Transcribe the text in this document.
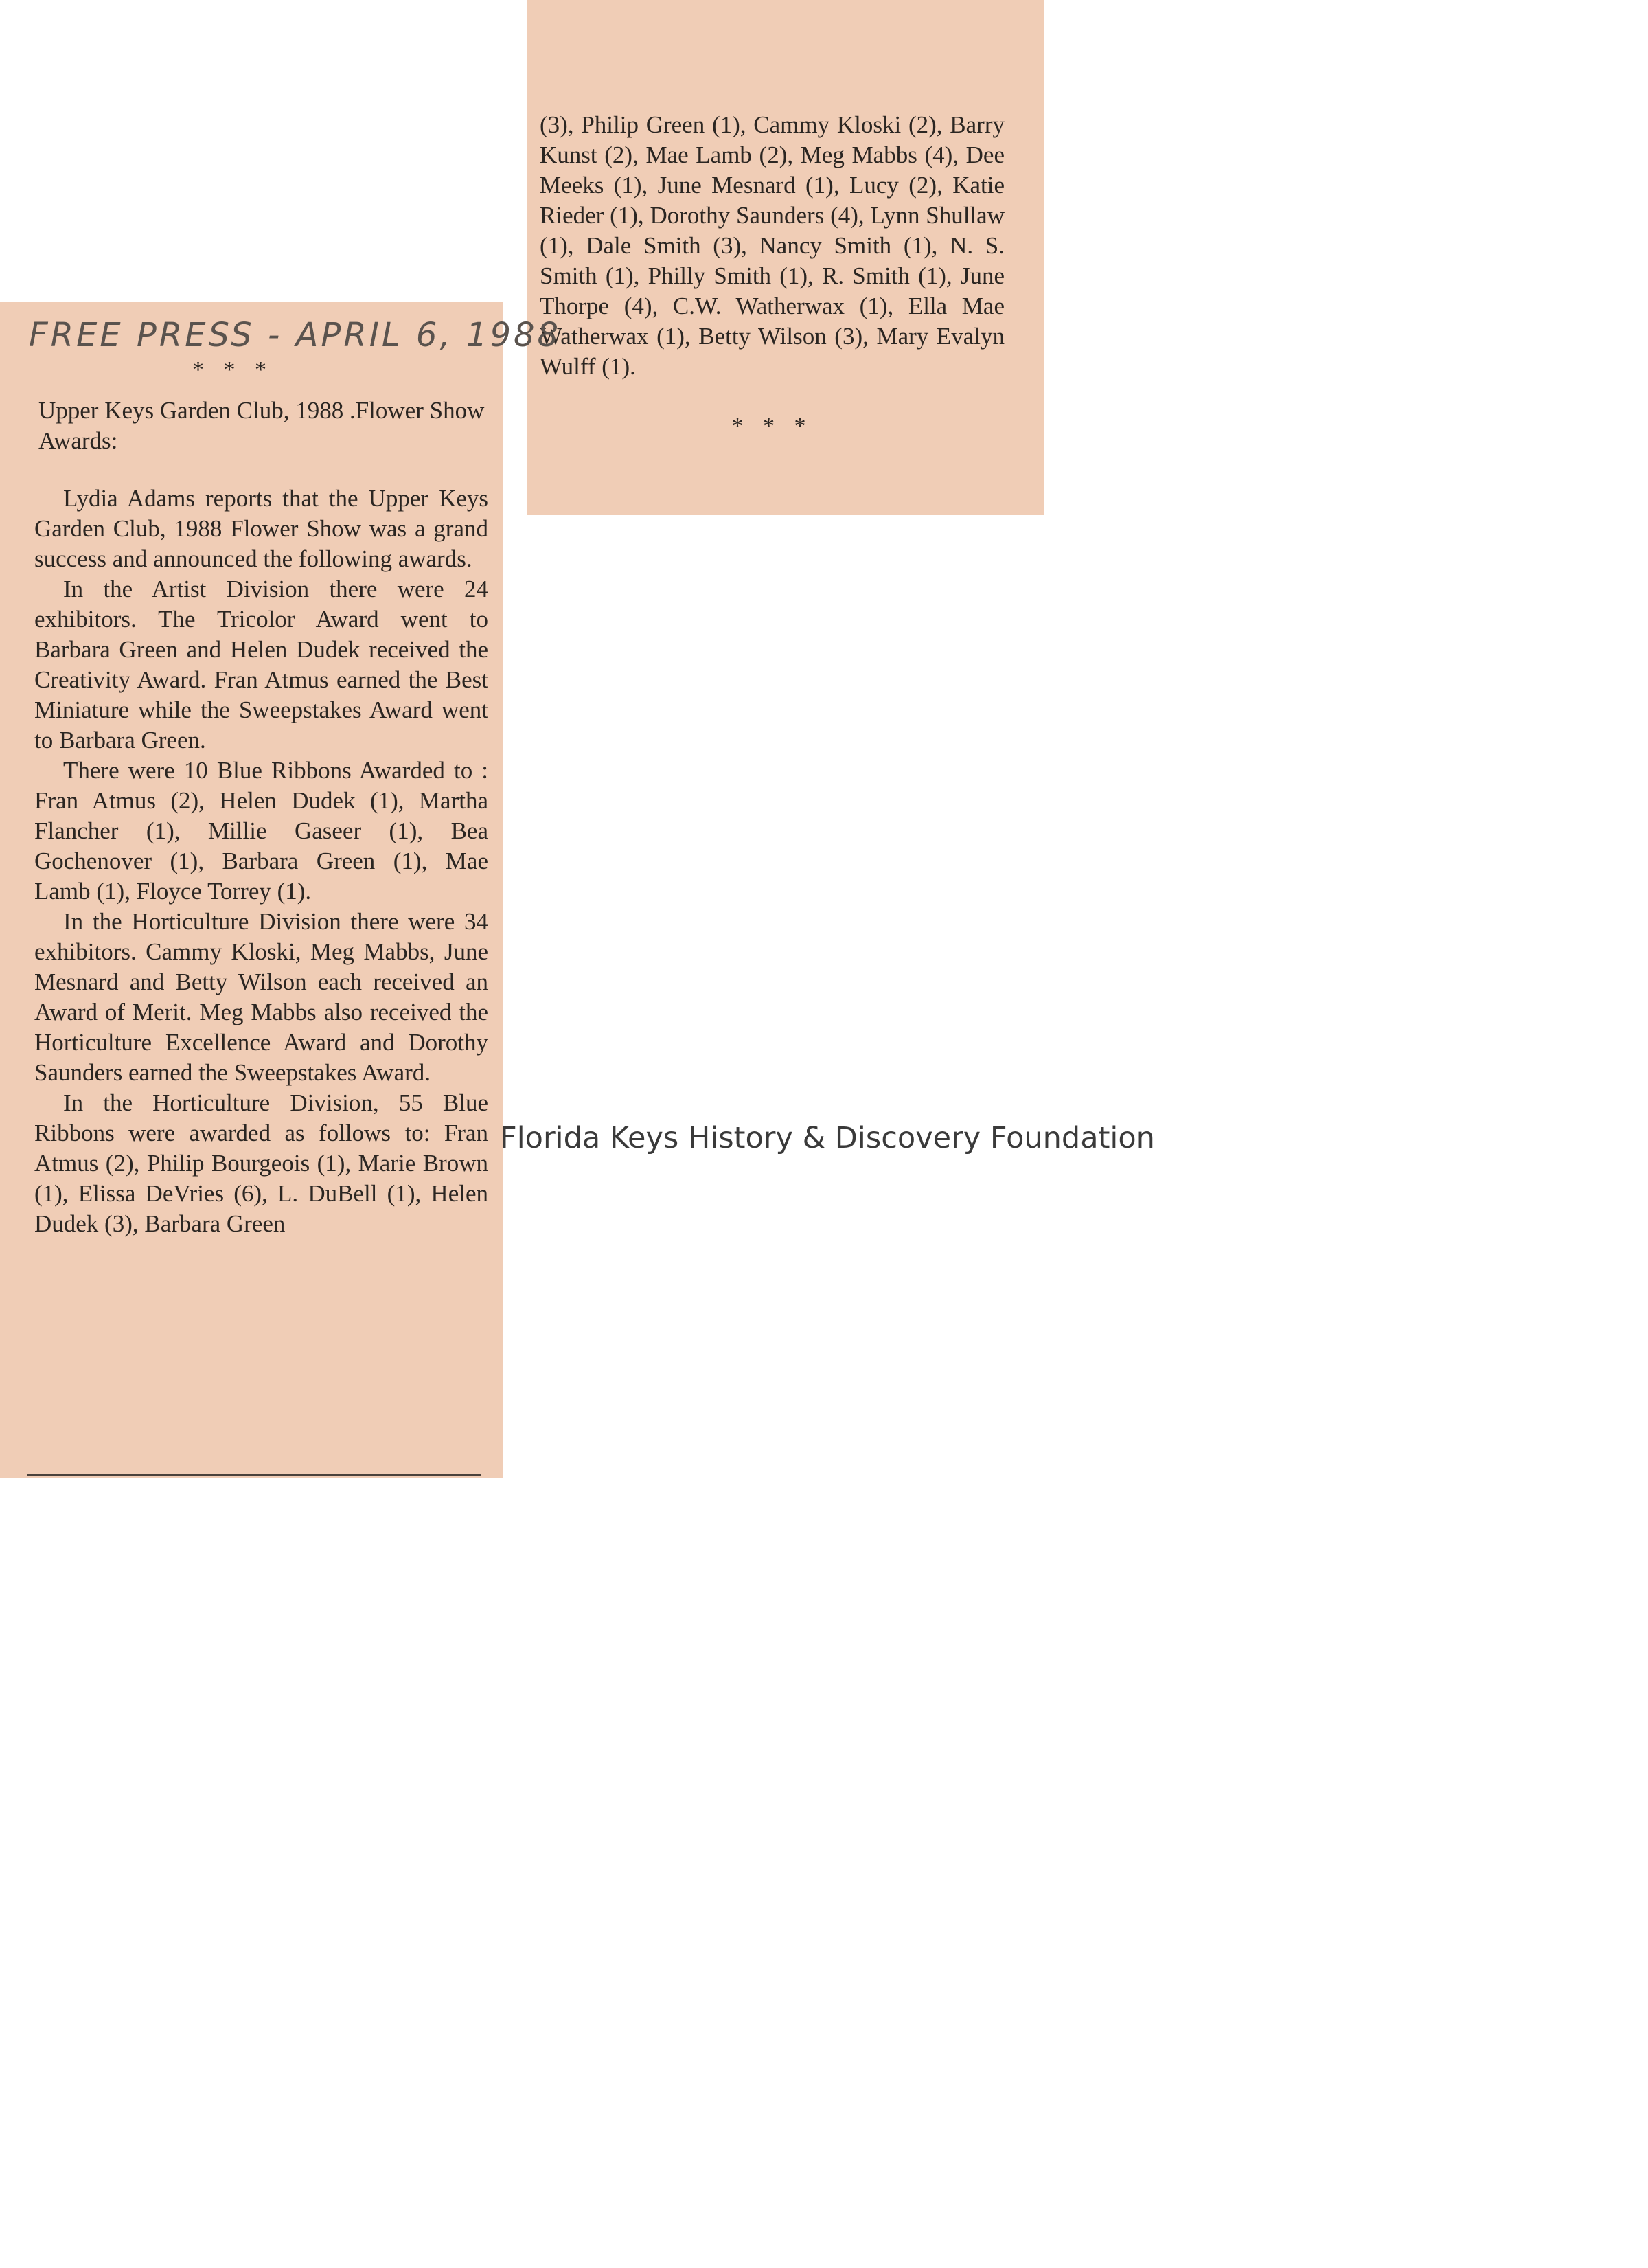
(3), Philip Green (1), Cammy Kloski (2), Barry Kunst (2), Mae Lamb (2), Meg Mabbs (4), Dee Meeks (1), June Mesnard (1), Lucy (2), Katie Rieder (1), Dorothy Saunders (4), Lynn Shullaw (1), Dale Smith (3), Nancy Smith (1), N. S. Smith (1), Philly Smith (1), R. Smith (1), June Thorpe (4), C.W. Watherwax (1), Ella Mae Watherwax (1), Betty Wilson (3), Mary Evalyn Wulff (1).

* * *

FREE PRESS - APRIL 6, 1988

* * *

Upper Keys Garden Club, 1988 .Flower Show Awards:

Lydia Adams reports that the Upper Keys Garden Club, 1988 Flower Show was a grand success and announced the following awards.

In the Artist Division there were 24 exhibitors. The Tricolor Award went to Barbara Green and Helen Dudek received the Creativity Award. Fran Atmus earned the Best Miniature while the Sweepstakes Award went to Barbara Green.

There were 10 Blue Ribbons Awarded to : Fran Atmus (2), Helen Dudek (1), Martha Flancher (1), Millie Gaseer (1), Bea Gochenover (1), Barbara Green (1), Mae Lamb (1), Floyce Torrey (1).

In the Horticulture Division there were 34 exhibitors. Cammy Kloski, Meg Mabbs, June Mesnard and Betty Wilson each received an Award of Merit. Meg Mabbs also received the Horticulture Excellence Award and Dorothy Saunders earned the Sweepstakes Award.

In the Horticulture Division, 55 Blue Ribbons were awarded as follows to: Fran Atmus (2), Philip Bourgeois (1), Marie Brown (1), Elissa DeVries (6), L. DuBell (1), Helen Dudek (3), Barbara Green

Florida Keys History & Discovery Foundation
